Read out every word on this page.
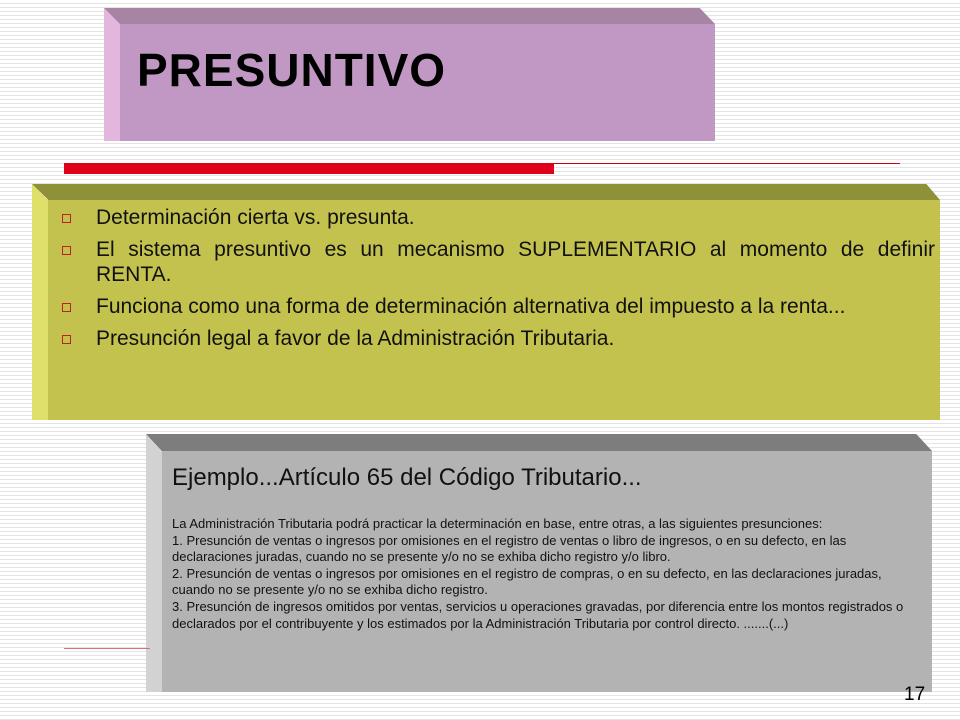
PRESUNTIVO
Determinación cierta vs. presunta.
El sistema presuntivo es un mecanismo SUPLEMENTARIO al momento de definir RENTA.
Funciona como una forma de determinación alternativa del impuesto a la renta...
Presunción legal a favor de la Administración Tributaria.
Ejemplo...Artículo 65 del Código Tributario...

La Administración Tributaria podrá practicar la determinación en base, entre otras, a las siguientes presunciones:

1. Presunción de ventas o ingresos por omisiones en el registro de ventas o libro de ingresos, o en su defecto, en las declaraciones juradas, cuando no se presente y/o no se exhiba dicho registro y/o libro.

2. Presunción de ventas o ingresos por omisiones en el registro de compras, o en su defecto, en las declaraciones juradas, cuando no se presente y/o no se exhiba dicho registro.

3. Presunción de ingresos omitidos por ventas, servicios u operaciones gravadas, por diferencia entre los montos registrados o declarados por el contribuyente y los estimados por la Administración Tributaria por control directo. .......(...)

17
